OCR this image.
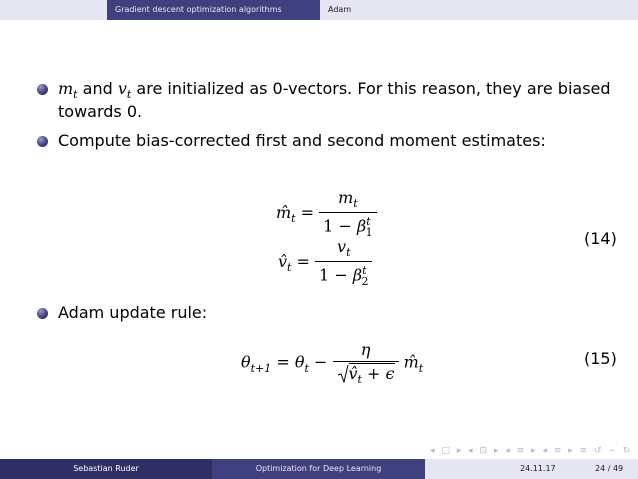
Gradient descent optimization algorithms	Adam
$m_t$ and $v_t$ are initialized as 0-vectors. For this reason, they are biased
towards 0.
Compute bias-corrected first and second moment estimates:
$m̂_t = \frac{m_t}{1 - \beta^t_1}$
$v̂_t = \frac{v_t}{1 - \beta^t_2}$	(14)
Adam update rule:
$\theta_{t+1} = \theta_t - \frac{\eta}{v̂_t + \epsilon}$ $m̂_t$
(15)
◂ □ ▸ ◂ ⊡ ▸ ◂ ≡ ▸ ◂ ≡ ▸ ≡ ↺ ∽ ↻
Sebastian Ruder	Optimization for Deep Learning	24.11.17	24 / 49
